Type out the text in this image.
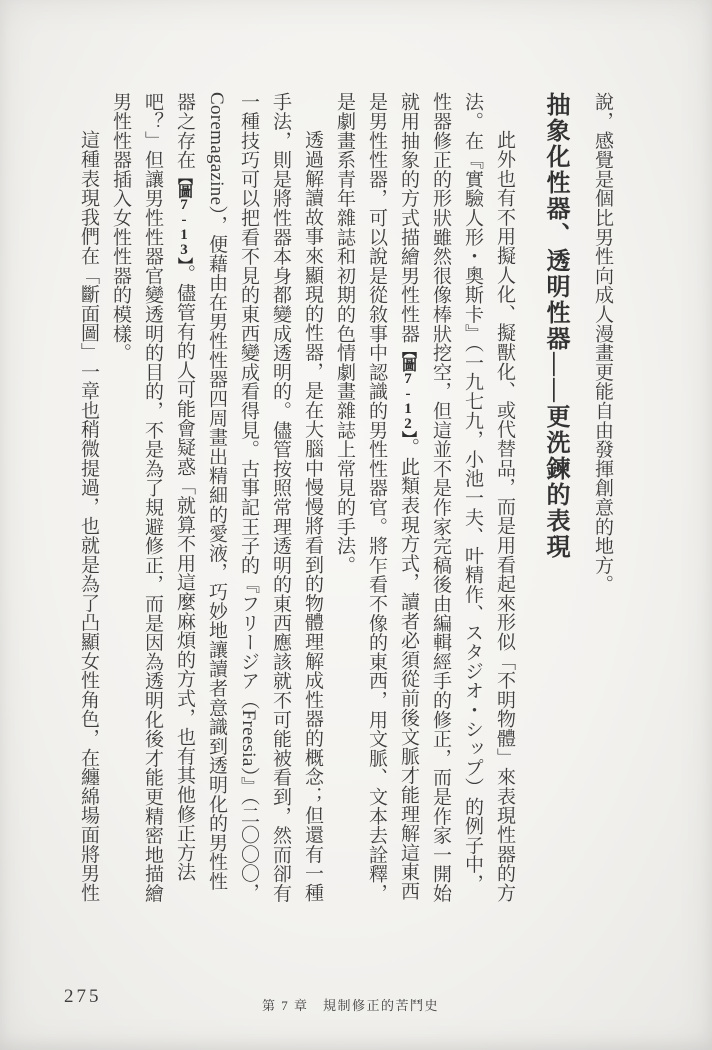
說，感覺是個比男性向成人漫畫更能自由發揮創意的地方。

抽象化性器、透明性器——更洗鍊的表現

此外也有不用擬人化、擬獸化、或代替品，而是用看起來形似「不明物體」來表現性器的方法。在『實驗人形・奧斯卡』（一九七九，小池一夫、叶精作、スタジオ・シップ）的例子中，性器修正的形狀雖然很像棒狀挖空，但這並不是作家完稿後由編輯經手的修正，而是作家一開始就用抽象的方式描繪男性性器【圖7-12】。此類表現方式，讀者必須從前後文脈才能理解這東西是男性性器，可以說是從敘事中認識的男性性器官。將乍看不像的東西，用文脈、文本去詮釋，是劇畫系青年雜誌和初期的色情劇畫雜誌上常見的手法。

透過解讀故事來顯現的性器，是在大腦中慢慢將看到的物體理解成性器的概念；但還有一種手法，則是將性器本身都變成透明的。儘管按照常理透明的東西應該就不可能被看到，然而卻有一種技巧可以把看不見的東西變成看得見。古事記王子的『フリージア（Freesia）』（二〇〇〇，Coremagazine），便藉由在男性性器四周畫出精細的愛液，巧妙地讓讀者意識到透明化的男性性器之存在【圖7-13】。儘管有的人可能會疑惑「就算不用這麼麻煩的方式，也有其他修正方法吧？」但讓男性性器官變透明的目的，不是為了規避修正，而是因為透明化後才能更精密地描繪男性性器插入女性性器的模樣。

這種表現我們在「斷面圖」一章也稍微提過，也就是為了凸顯女性角色，在纏綿場面將男性

275	第 7 章　規制修正的苦鬥史
